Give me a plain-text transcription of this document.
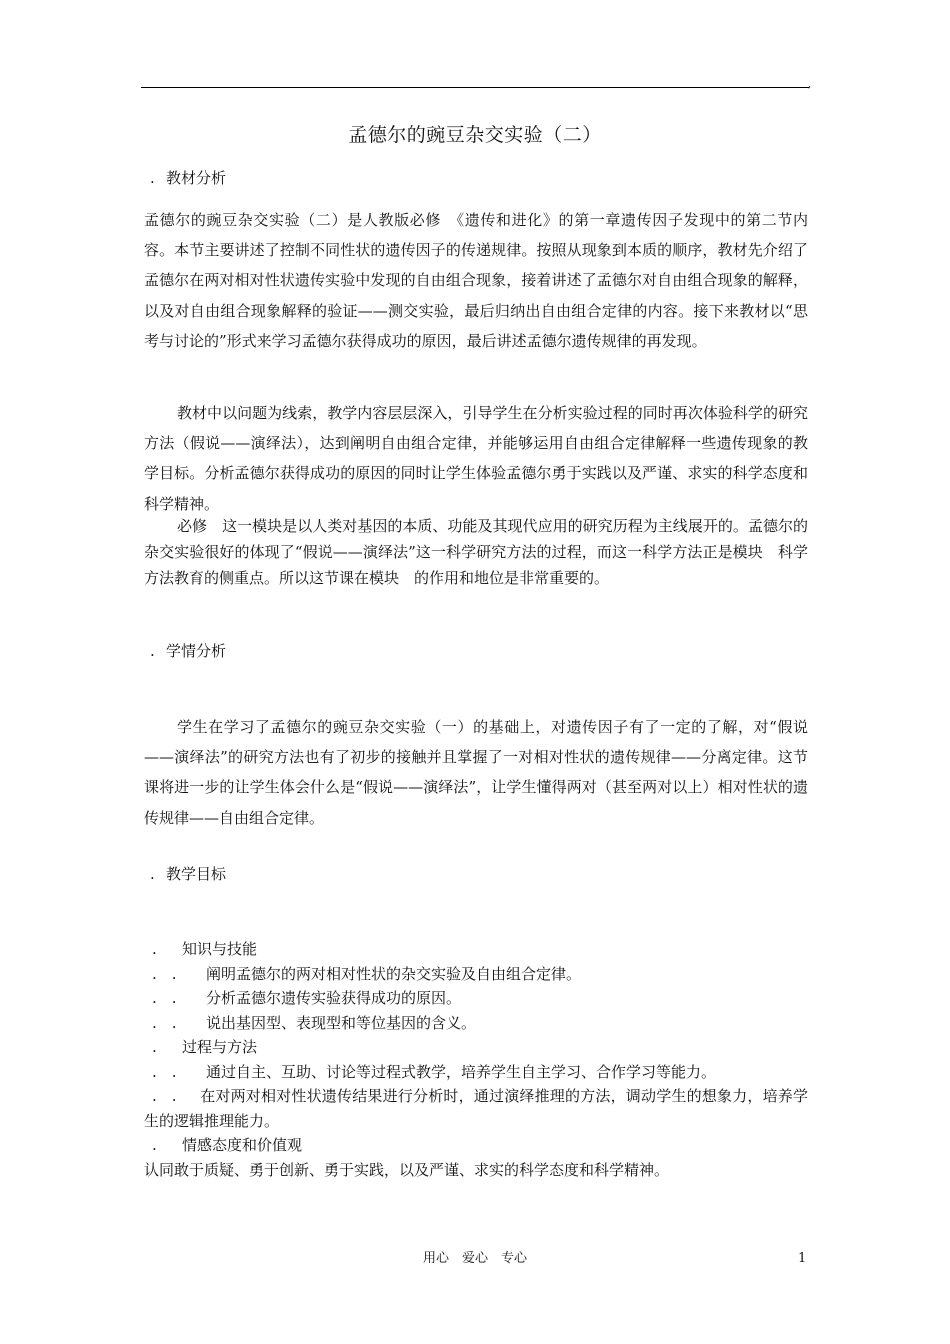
,
孟德尔的豌豆杂交实验（二）
. 教材分析

孟德尔的豌豆杂交实验（二）是人教版必修　《遗传和进化》的第一章遗传因子发现中的第二节内容。本节主要讲述了控制不同性状的遗传因子的传递规律。按照从现象到本质的顺序，教材先介绍了孟德尔在两对相对性状遗传实验中发现的自由组合现象，接着讲述了孟德尔对自由组合现象的解释，以及对自由组合现象解释的验证——测交实验，最后归纳出自由组合定律的内容。接下来教材以“思考与讨论的”形式来学习孟德尔获得成功的原因，最后讲述孟德尔遗传规律的再发现。

教材中以问题为线索，教学内容层层深入，引导学生在分析实验过程的同时再次体验科学的研究方法（假说——演绎法），达到阐明自由组合定律，并能够运用自由组合定律解释一些遗传现象的教学目标。分析孟德尔获得成功的原因的同时让学生体验孟德尔勇于实践以及严谨、求实的科学态度和科学精神。

必修　这一模块是以人类对基因的本质、功能及其现代应用的研究历程为主线展开的。孟德尔的杂交实验很好的体现了“假说——演绎法”这一科学研究方法的过程，而这一科学方法正是模块　科学方法教育的侧重点。所以这节课在模块　的作用和地位是非常重要的。

. 学情分析

学生在学习了孟德尔的豌豆杂交实验（一）的基础上，对遗传因子有了一定的了解，对“假说——演绎法”的研究方法也有了初步的接触并且掌握了一对相对性状的遗传规律——分离定律。这节课将进一步的让学生体会什么是“假说——演绎法”，让学生懂得两对（甚至两对以上）相对性状的遗传规律——自由组合定律。

. 教学目标
. 知识与技能
.　. 阐明孟德尔的两对相对性状的杂交实验及自由组合定律。
.　. 分析孟德尔遗传实验获得成功的原因。
.　. 说出基因型、表现型和等位基因的含义。
. 过程与方法
.　. 通过自主、互助、讨论等过程式教学，培养学生自主学习、合作学习等能力。
.　. 在对两对相对性状遗传结果进行分析时，通过演绎推理的方法，调动学生的想象力，培养学生的逻辑推理能力。
. 情感态度和价值观
认同敢于质疑、勇于创新、勇于实践，以及严谨、求实的科学态度和科学精神。
用心　爱心　专心	1
